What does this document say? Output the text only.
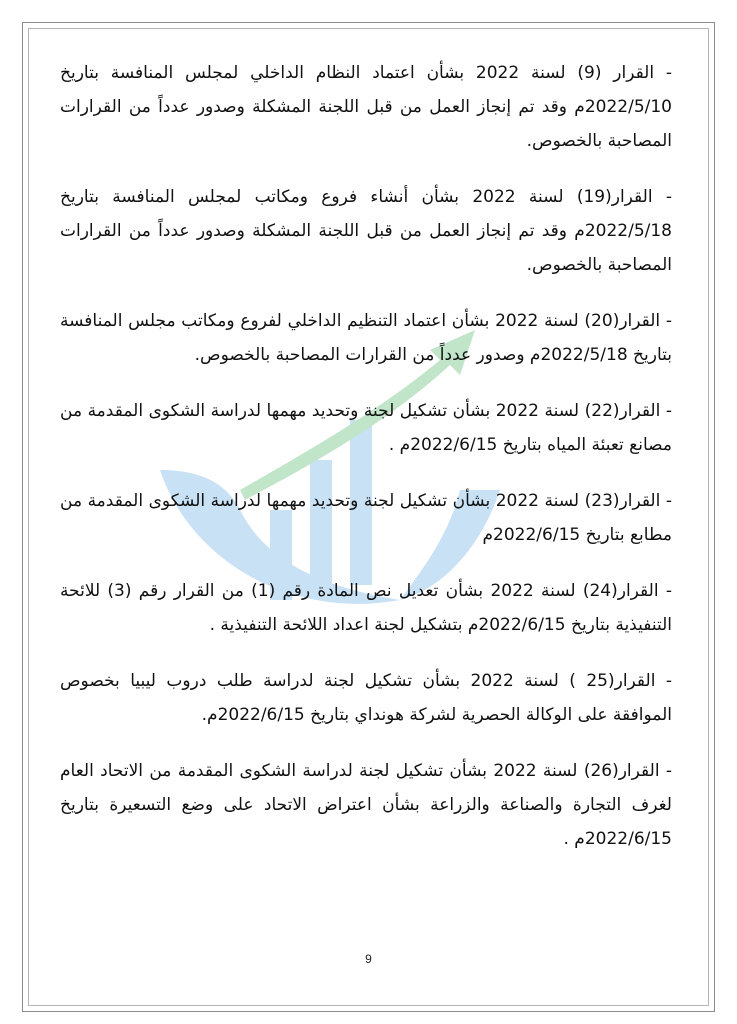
- القرار (9) لسنة 2022 بشأن اعتماد النظام الداخلي لمجلس المنافسة بتاريخ 2022/5/10م وقد تم إنجاز العمل من قبل اللجنة المشكلة وصدور عدداً من القرارات المصاحبة بالخصوص.

- القرار(19) لسنة 2022 بشأن أنشاء فروع ومكاتب لمجلس المنافسة بتاريخ 2022/5/18م وقد تم إنجاز العمل من قبل اللجنة المشكلة وصدور عدداً من القرارات المصاحبة بالخصوص.

- القرار(20) لسنة 2022 بشأن اعتماد التنظيم الداخلي لفروع ومكاتب مجلس المنافسة بتاريخ 2022/5/18م وصدور عدداً من القرارات المصاحبة بالخصوص.

- القرار(22) لسنة 2022 بشأن تشكيل لجنة وتحديد مهمها لدراسة الشكوى المقدمة من مصانع تعبئة المياه بتاريخ 2022/6/15م .

- القرار(23) لسنة 2022 بشأن تشكيل لجنة وتحديد مهمها لدراسة الشكوى المقدمة من مطابع بتاريخ 2022/6/15م

- القرار(24) لسنة 2022 بشأن تعديل نص المادة رقم (1) من القرار رقم (3) للائحة التنفيذية بتاريخ 2022/6/15م بتشكيل لجنة اعداد اللائحة التنفيذية .

- القرار(25 ) لسنة 2022 بشأن تشكيل لجنة لدراسة طلب دروب ليبيا بخصوص الموافقة على الوكالة الحصرية لشركة هونداي بتاريخ 2022/6/15م.

- القرار(26) لسنة 2022 بشأن تشكيل لجنة لدراسة الشكوى المقدمة من الاتحاد العام لغرف التجارة والصناعة والزراعة بشأن اعتراض الاتحاد على وضع التسعيرة بتاريخ 2022/6/15م .

9
